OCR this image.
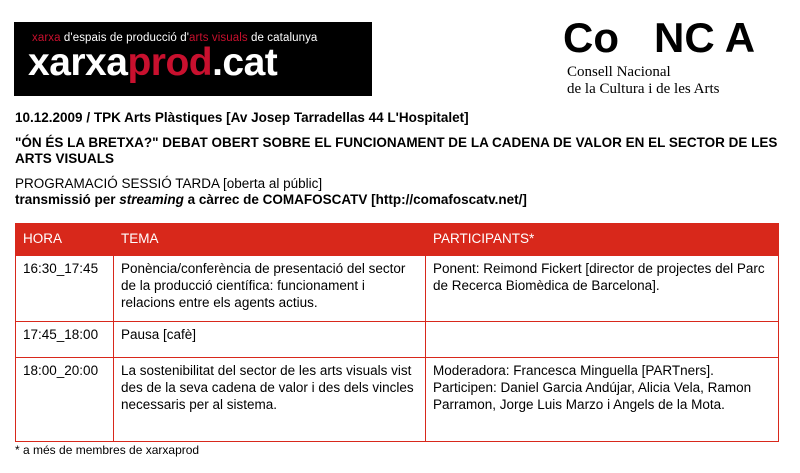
xarxa d'espais de producció d'arts visuals de catalunya
xarxaprod.cat
Co   NC A
Consell Nacional
de la Cultura i de les Arts
10.12.2009 / TPK Arts Plàstiques [Av Josep Tarradellas 44 L'Hospitalet]
"ÓN ÉS LA BRETXA?" DEBAT OBERT SOBRE EL FUNCIONAMENT DE LA CADENA DE VALOR EN EL SECTOR DE LES ARTS VISUALS
PROGRAMACIÓ SESSIÓ TARDA [oberta al públic]
transmissió per streaming a càrrec de COMAFOSCATV [http://comafoscatv.net/]
HORA	TEMA	PARTICIPANTS*
16:30_17:45	Ponència/conferència de presentació del sector de la producció científica: funcionament i relacions entre els agents actius.	Ponent: Reimond Fickert [director de projectes del Parc de Recerca Biomèdica de Barcelona].
17:45_18:00	Pausa [cafè]	
18:00_20:00	La sostenibilitat del sector de les arts visuals vist des de la seva cadena de valor i des dels vincles necessaris per al sistema.	Moderadora: Francesca Minguella [PARTners]. Participen: Daniel Garcia Andújar, Alicia Vela, Ramon Parramon, Jorge Luis Marzo i Angels de la Mota.
* a més de membres de xarxaprod
